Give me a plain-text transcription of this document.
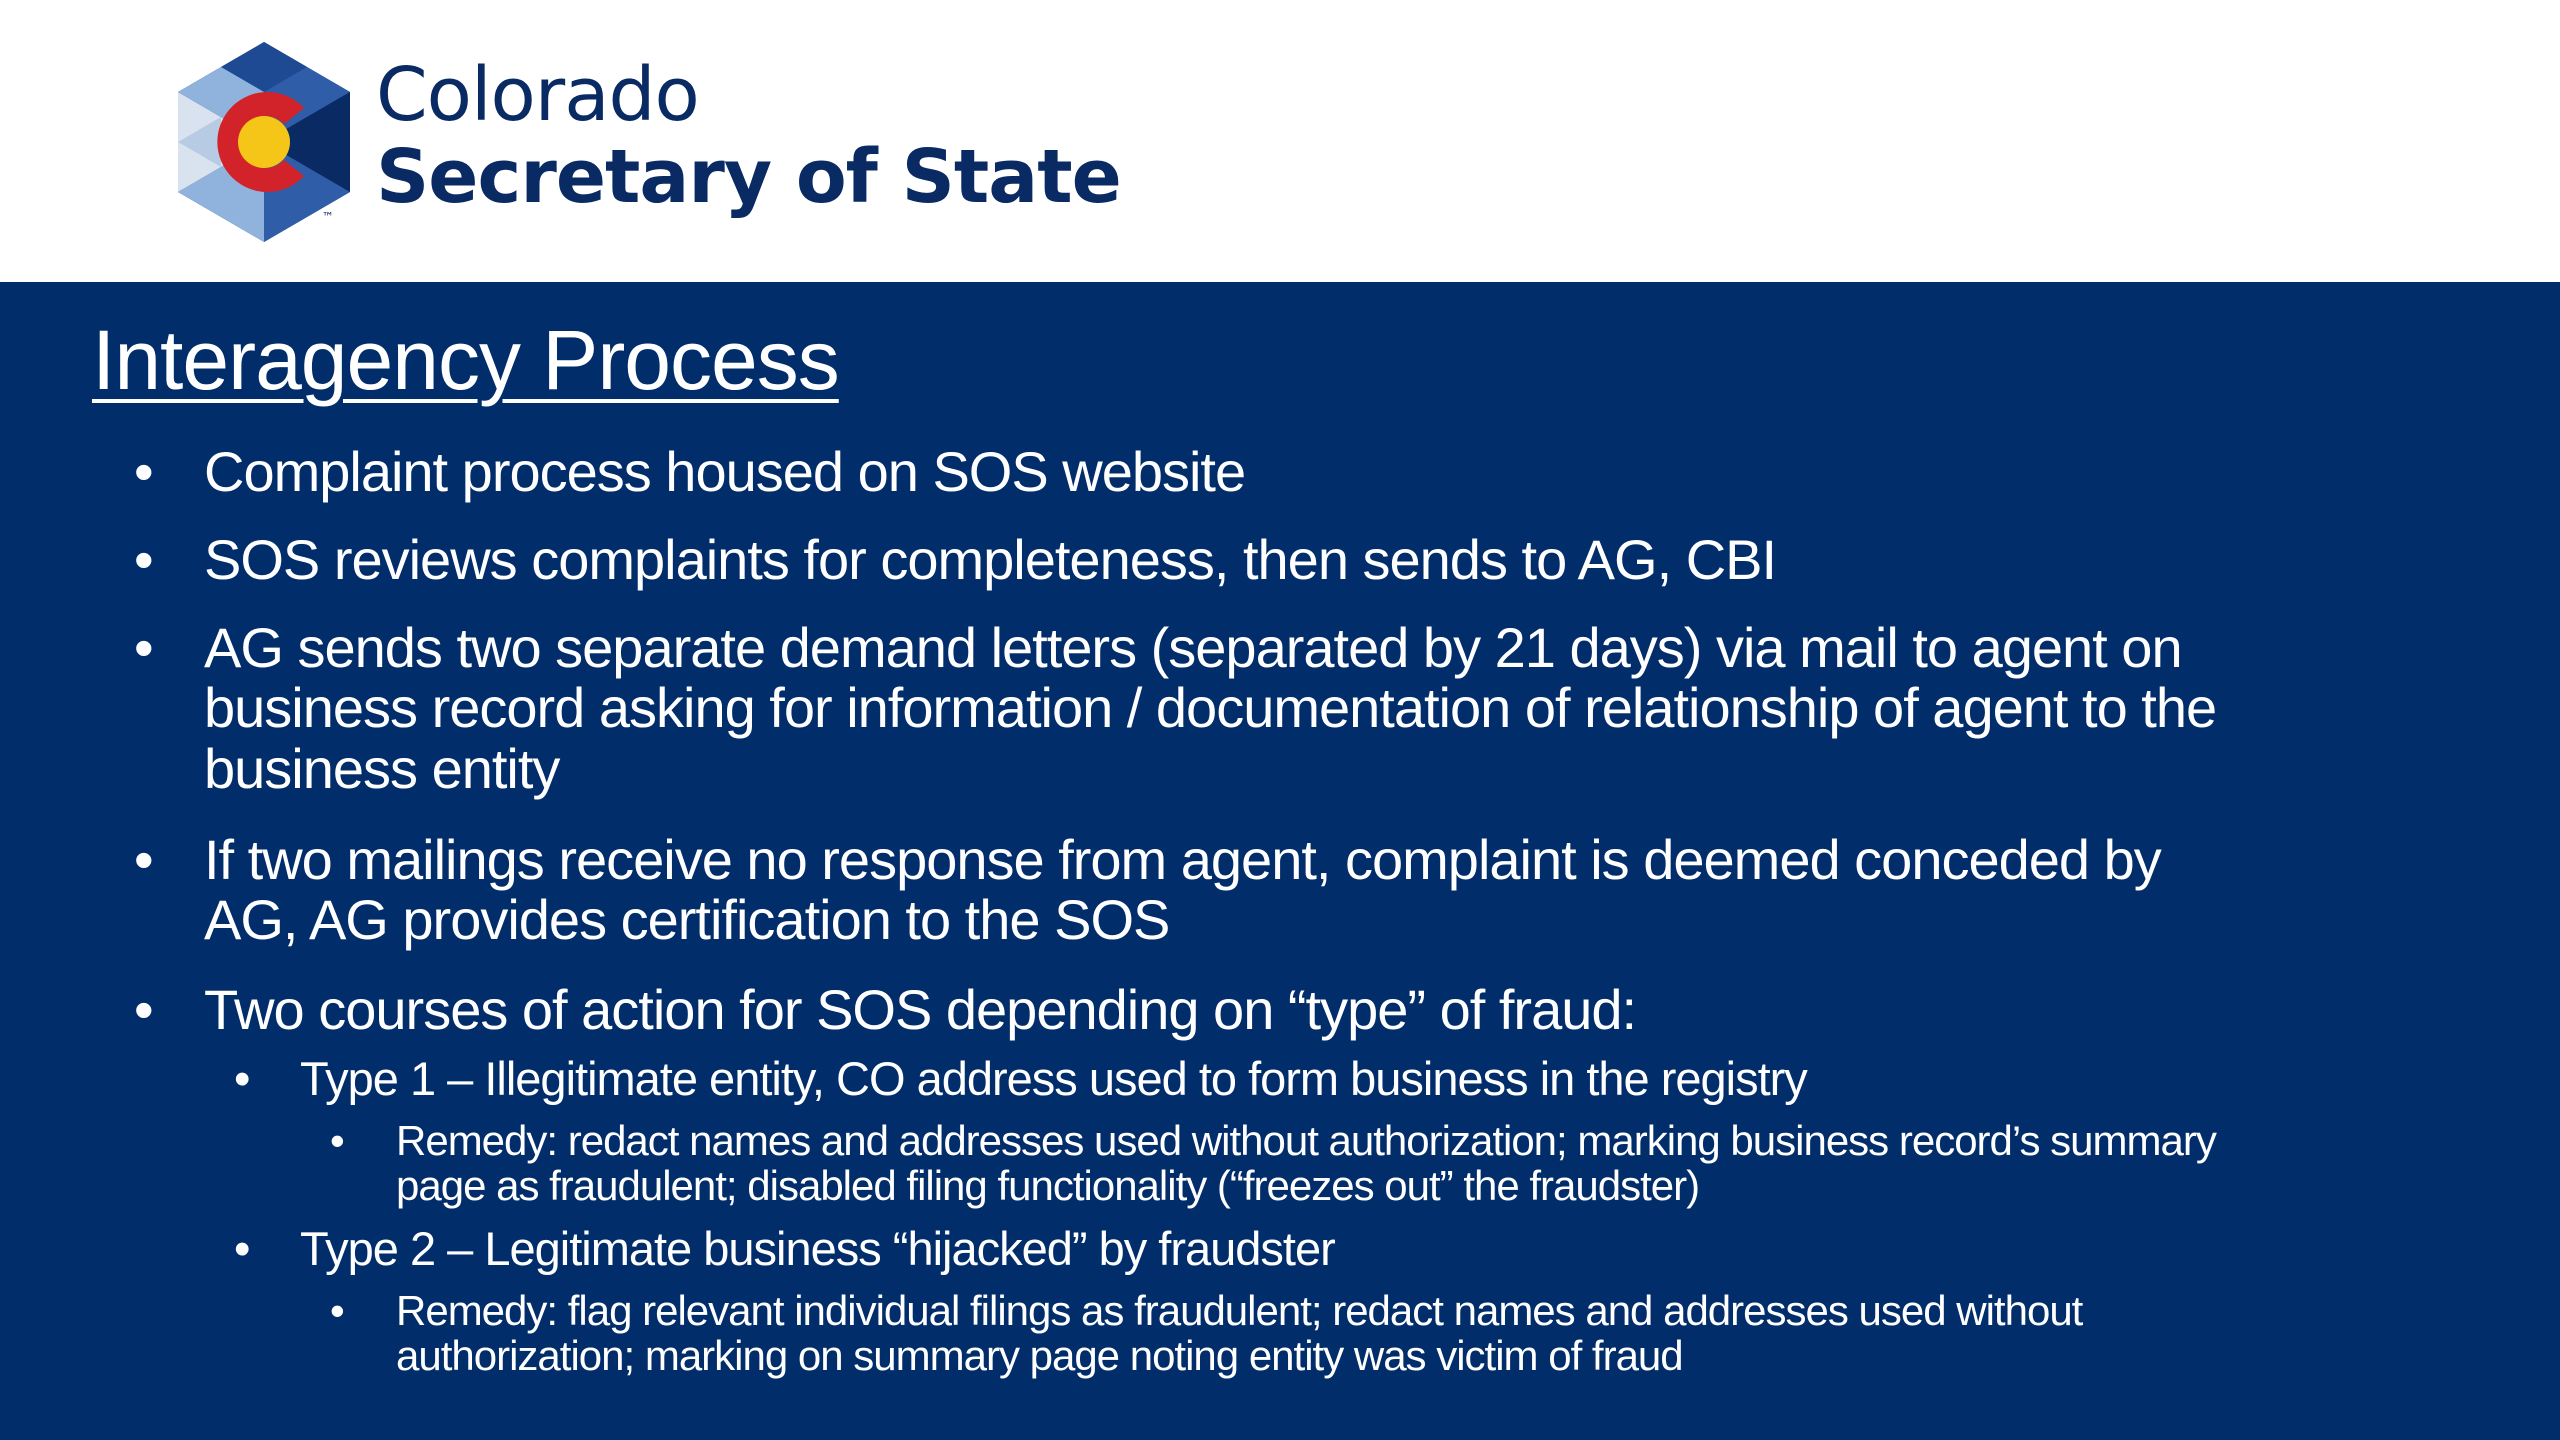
™
Colorado
Secretary of State
Interagency Process
• Complaint process housed on SOS website
• SOS reviews complaints for completeness, then sends to AG, CBI
• AG sends two separate demand letters (separated by 21 days) via mail to agent on business record asking for information / documentation of relationship of agent to the business entity
• If two mailings receive no response from agent, complaint is deemed conceded by AG, AG provides certification to the SOS
• Two courses of action for SOS depending on “type” of fraud:
• Type 1 – Illegitimate entity, CO address used to form business in the registry
• Remedy: redact names and addresses used without authorization; marking business record’s summary page as fraudulent; disabled filing functionality (“freezes out” the fraudster)
• Type 2 – Legitimate business “hijacked” by fraudster
• Remedy: flag relevant individual filings as fraudulent; redact names and addresses used without authorization; marking on summary page noting entity was victim of fraud
